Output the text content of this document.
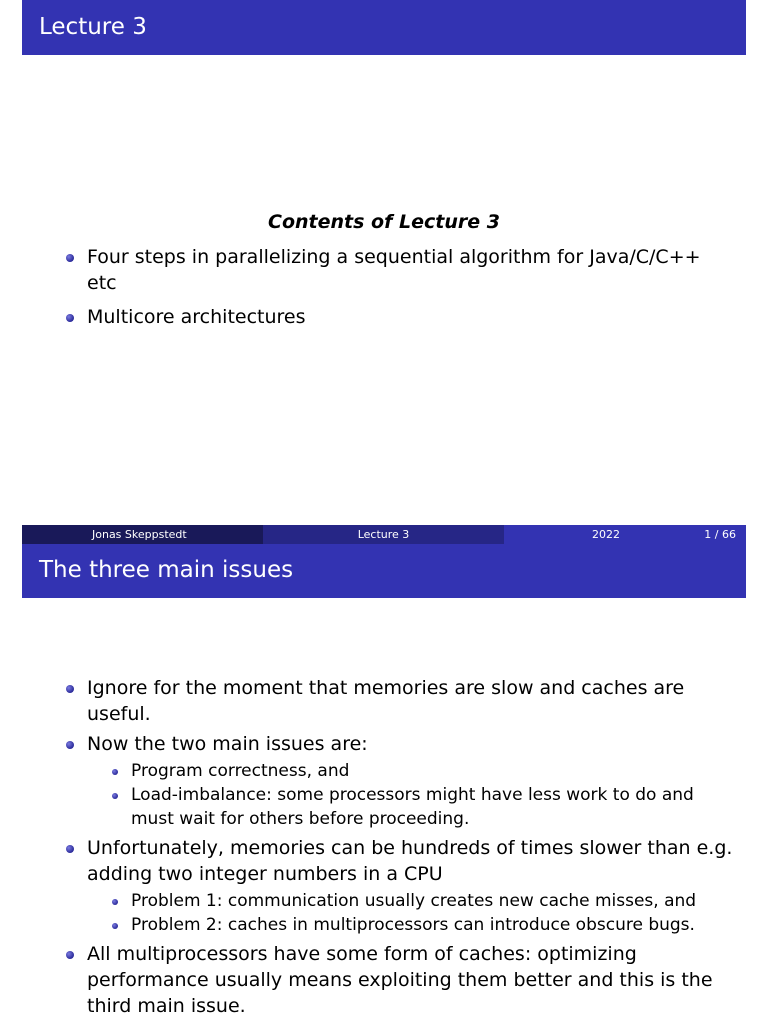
Lecture 3
Contents of Lecture 3
Four steps in parallelizing a sequential algorithm for Java/C/C++ etc
Multicore architectures
Jonas Skeppstedt	Lecture 3	2022	1 / 66
The three main issues
Ignore for the moment that memories are slow and caches are useful.
Now the two main issues are:
Program correctness, and
Load-imbalance: some processors might have less work to do and must wait for others before proceeding.
Unfortunately, memories can be hundreds of times slower than e.g. adding two integer numbers in a CPU
Problem 1: communication usually creates new cache misses, and
Problem 2: caches in multiprocessors can introduce obscure bugs.
All multiprocessors have some form of caches: optimizing performance usually means exploiting them better and this is the third main issue.
